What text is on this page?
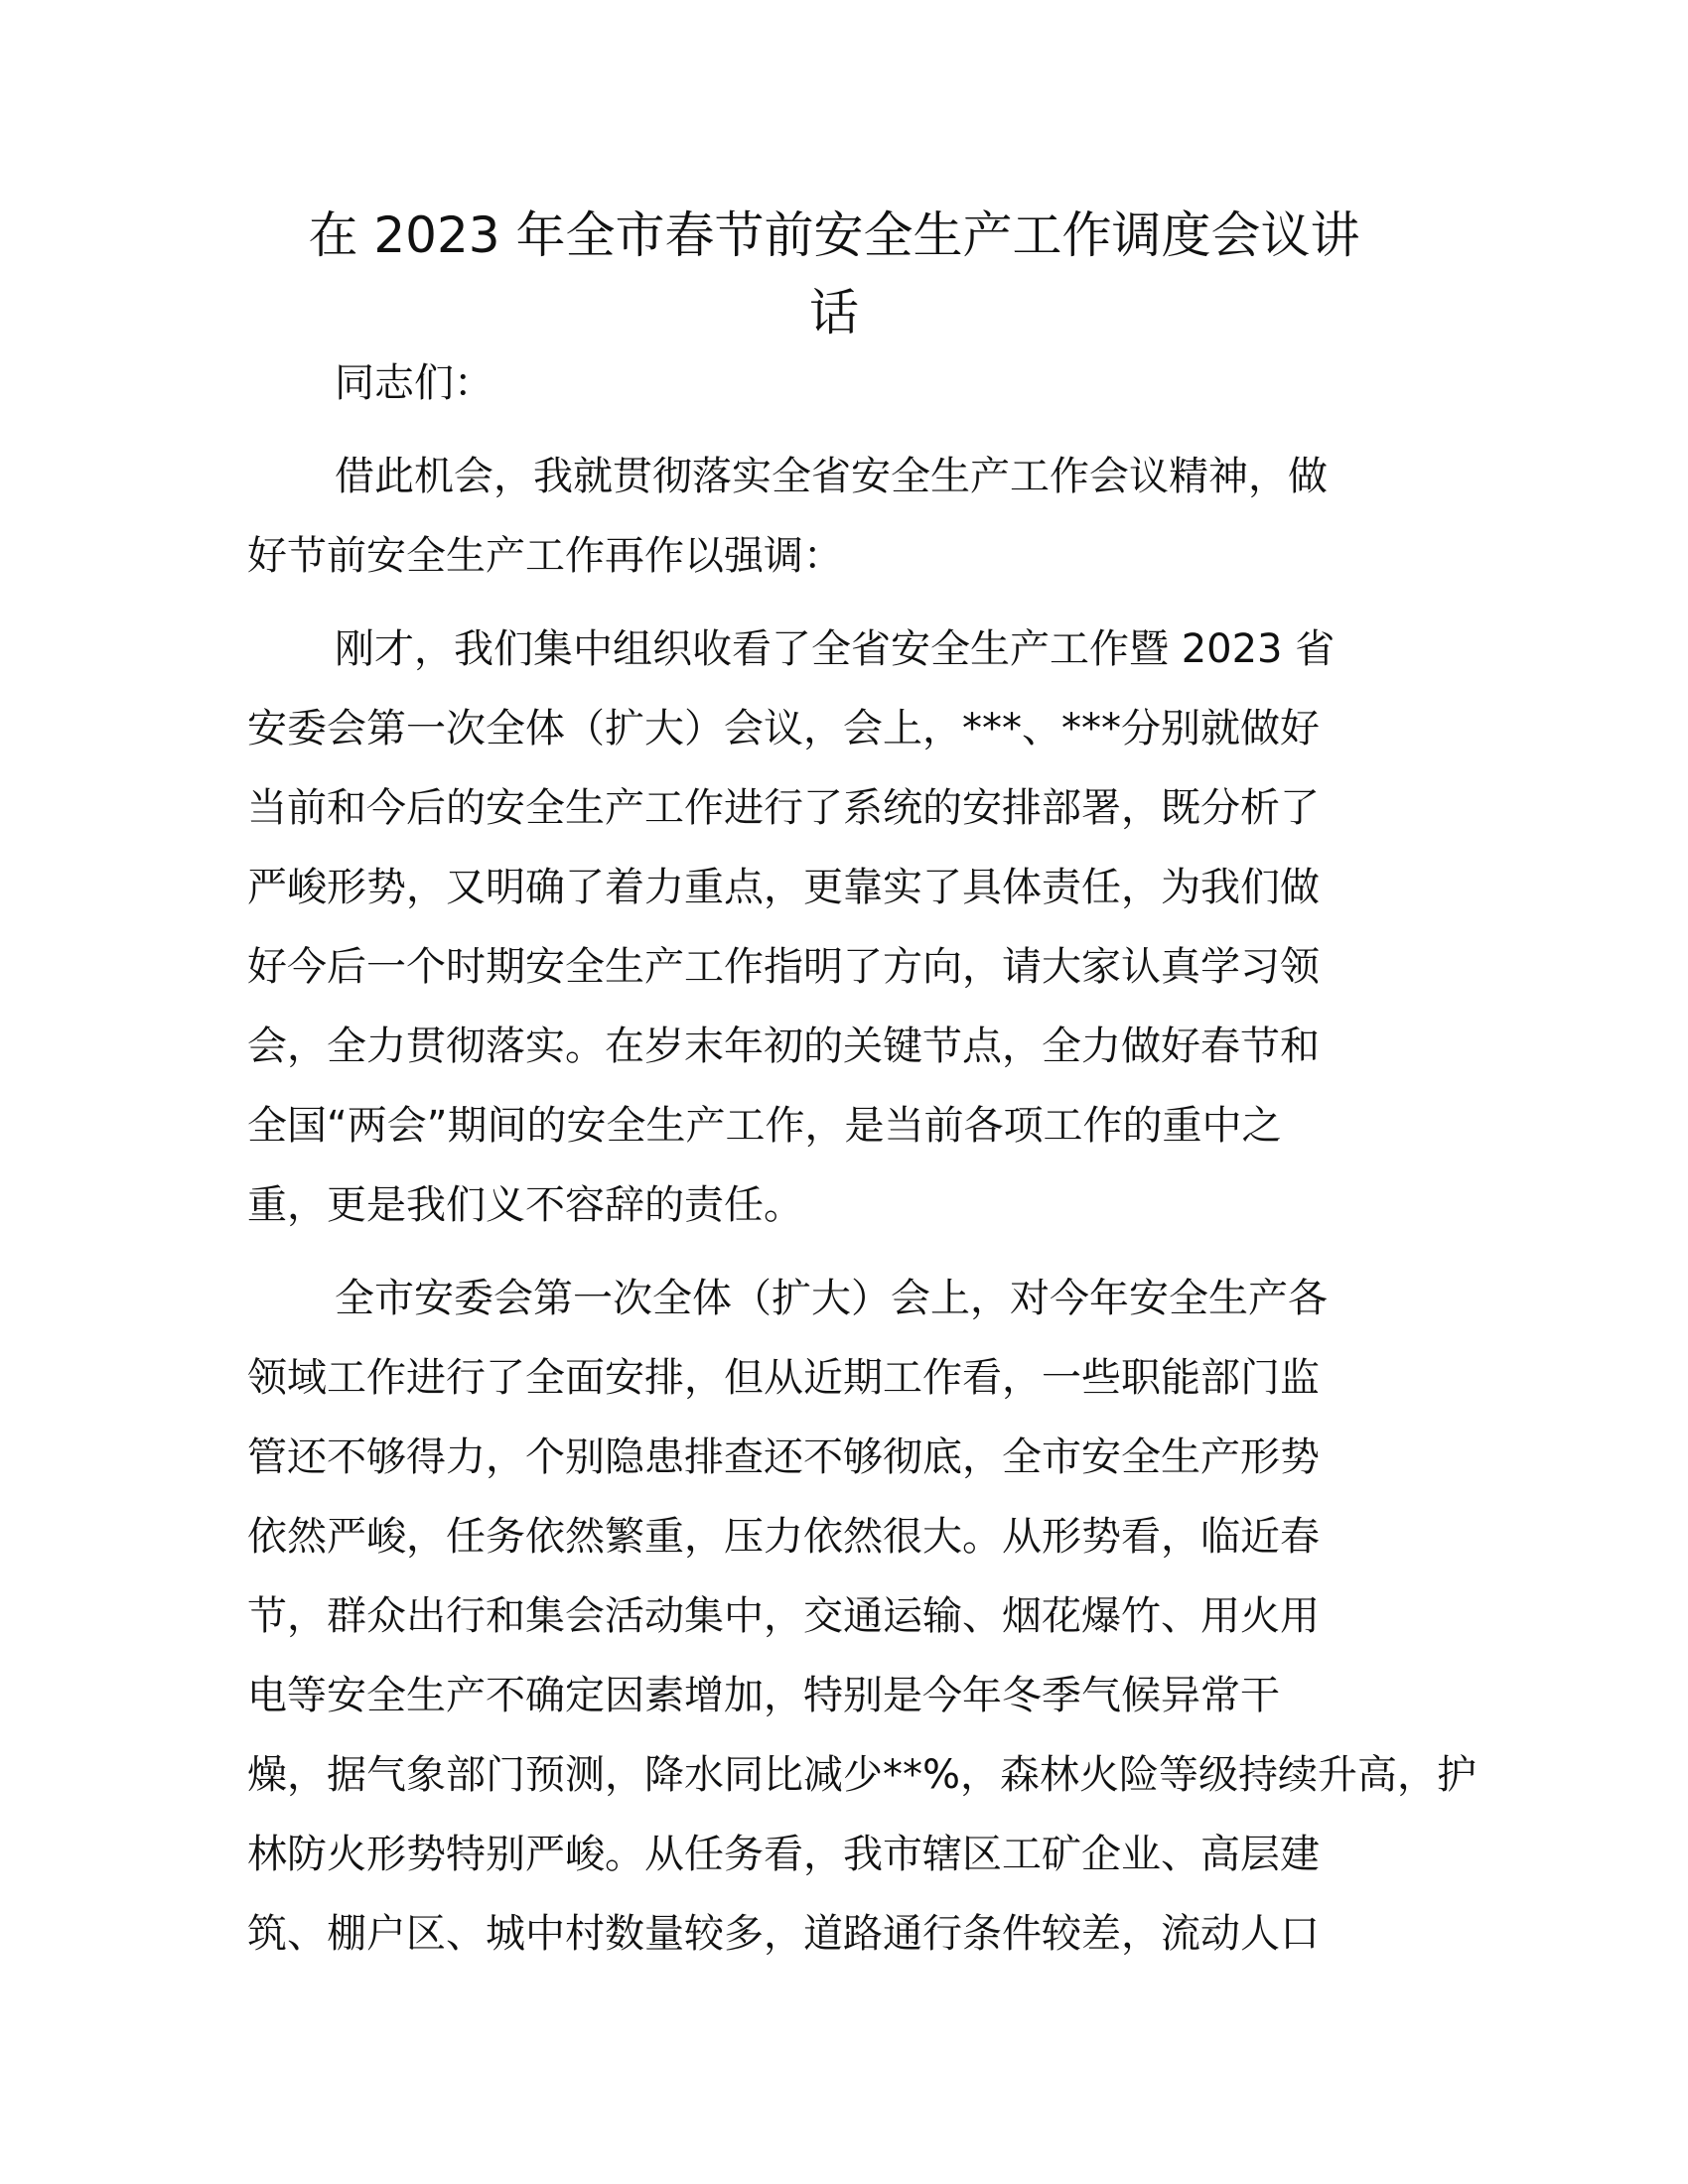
在 2023 年全市春节前安全生产工作调度会议讲
话
同志们：
借此机会，我就贯彻落实全省安全生产工作会议精神，做
好节前安全生产工作再作以强调：
刚才，我们集中组织收看了全省安全生产工作暨 2023 省
安委会第一次全体（扩大）会议，会上，***、***分别就做好
当前和今后的安全生产工作进行了系统的安排部署，既分析了
严峻形势，又明确了着力重点，更靠实了具体责任，为我们做
好今后一个时期安全生产工作指明了方向，请大家认真学习领
会，全力贯彻落实。在岁末年初的关键节点，全力做好春节和
全国“两会”期间的安全生产工作，是当前各项工作的重中之
重，更是我们义不容辞的责任。
全市安委会第一次全体（扩大）会上，对今年安全生产各
领域工作进行了全面安排，但从近期工作看，一些职能部门监
管还不够得力，个别隐患排查还不够彻底，全市安全生产形势
依然严峻，任务依然繁重，压力依然很大。从形势看，临近春
节，群众出行和集会活动集中，交通运输、烟花爆竹、用火用
电等安全生产不确定因素增加，特别是今年冬季气候异常干
燥，据气象部门预测，降水同比减少**%，森林火险等级持续升高，护
林防火形势特别严峻。从任务看，我市辖区工矿企业、高层建
筑、棚户区、城中村数量较多，道路通行条件较差，流动人口
